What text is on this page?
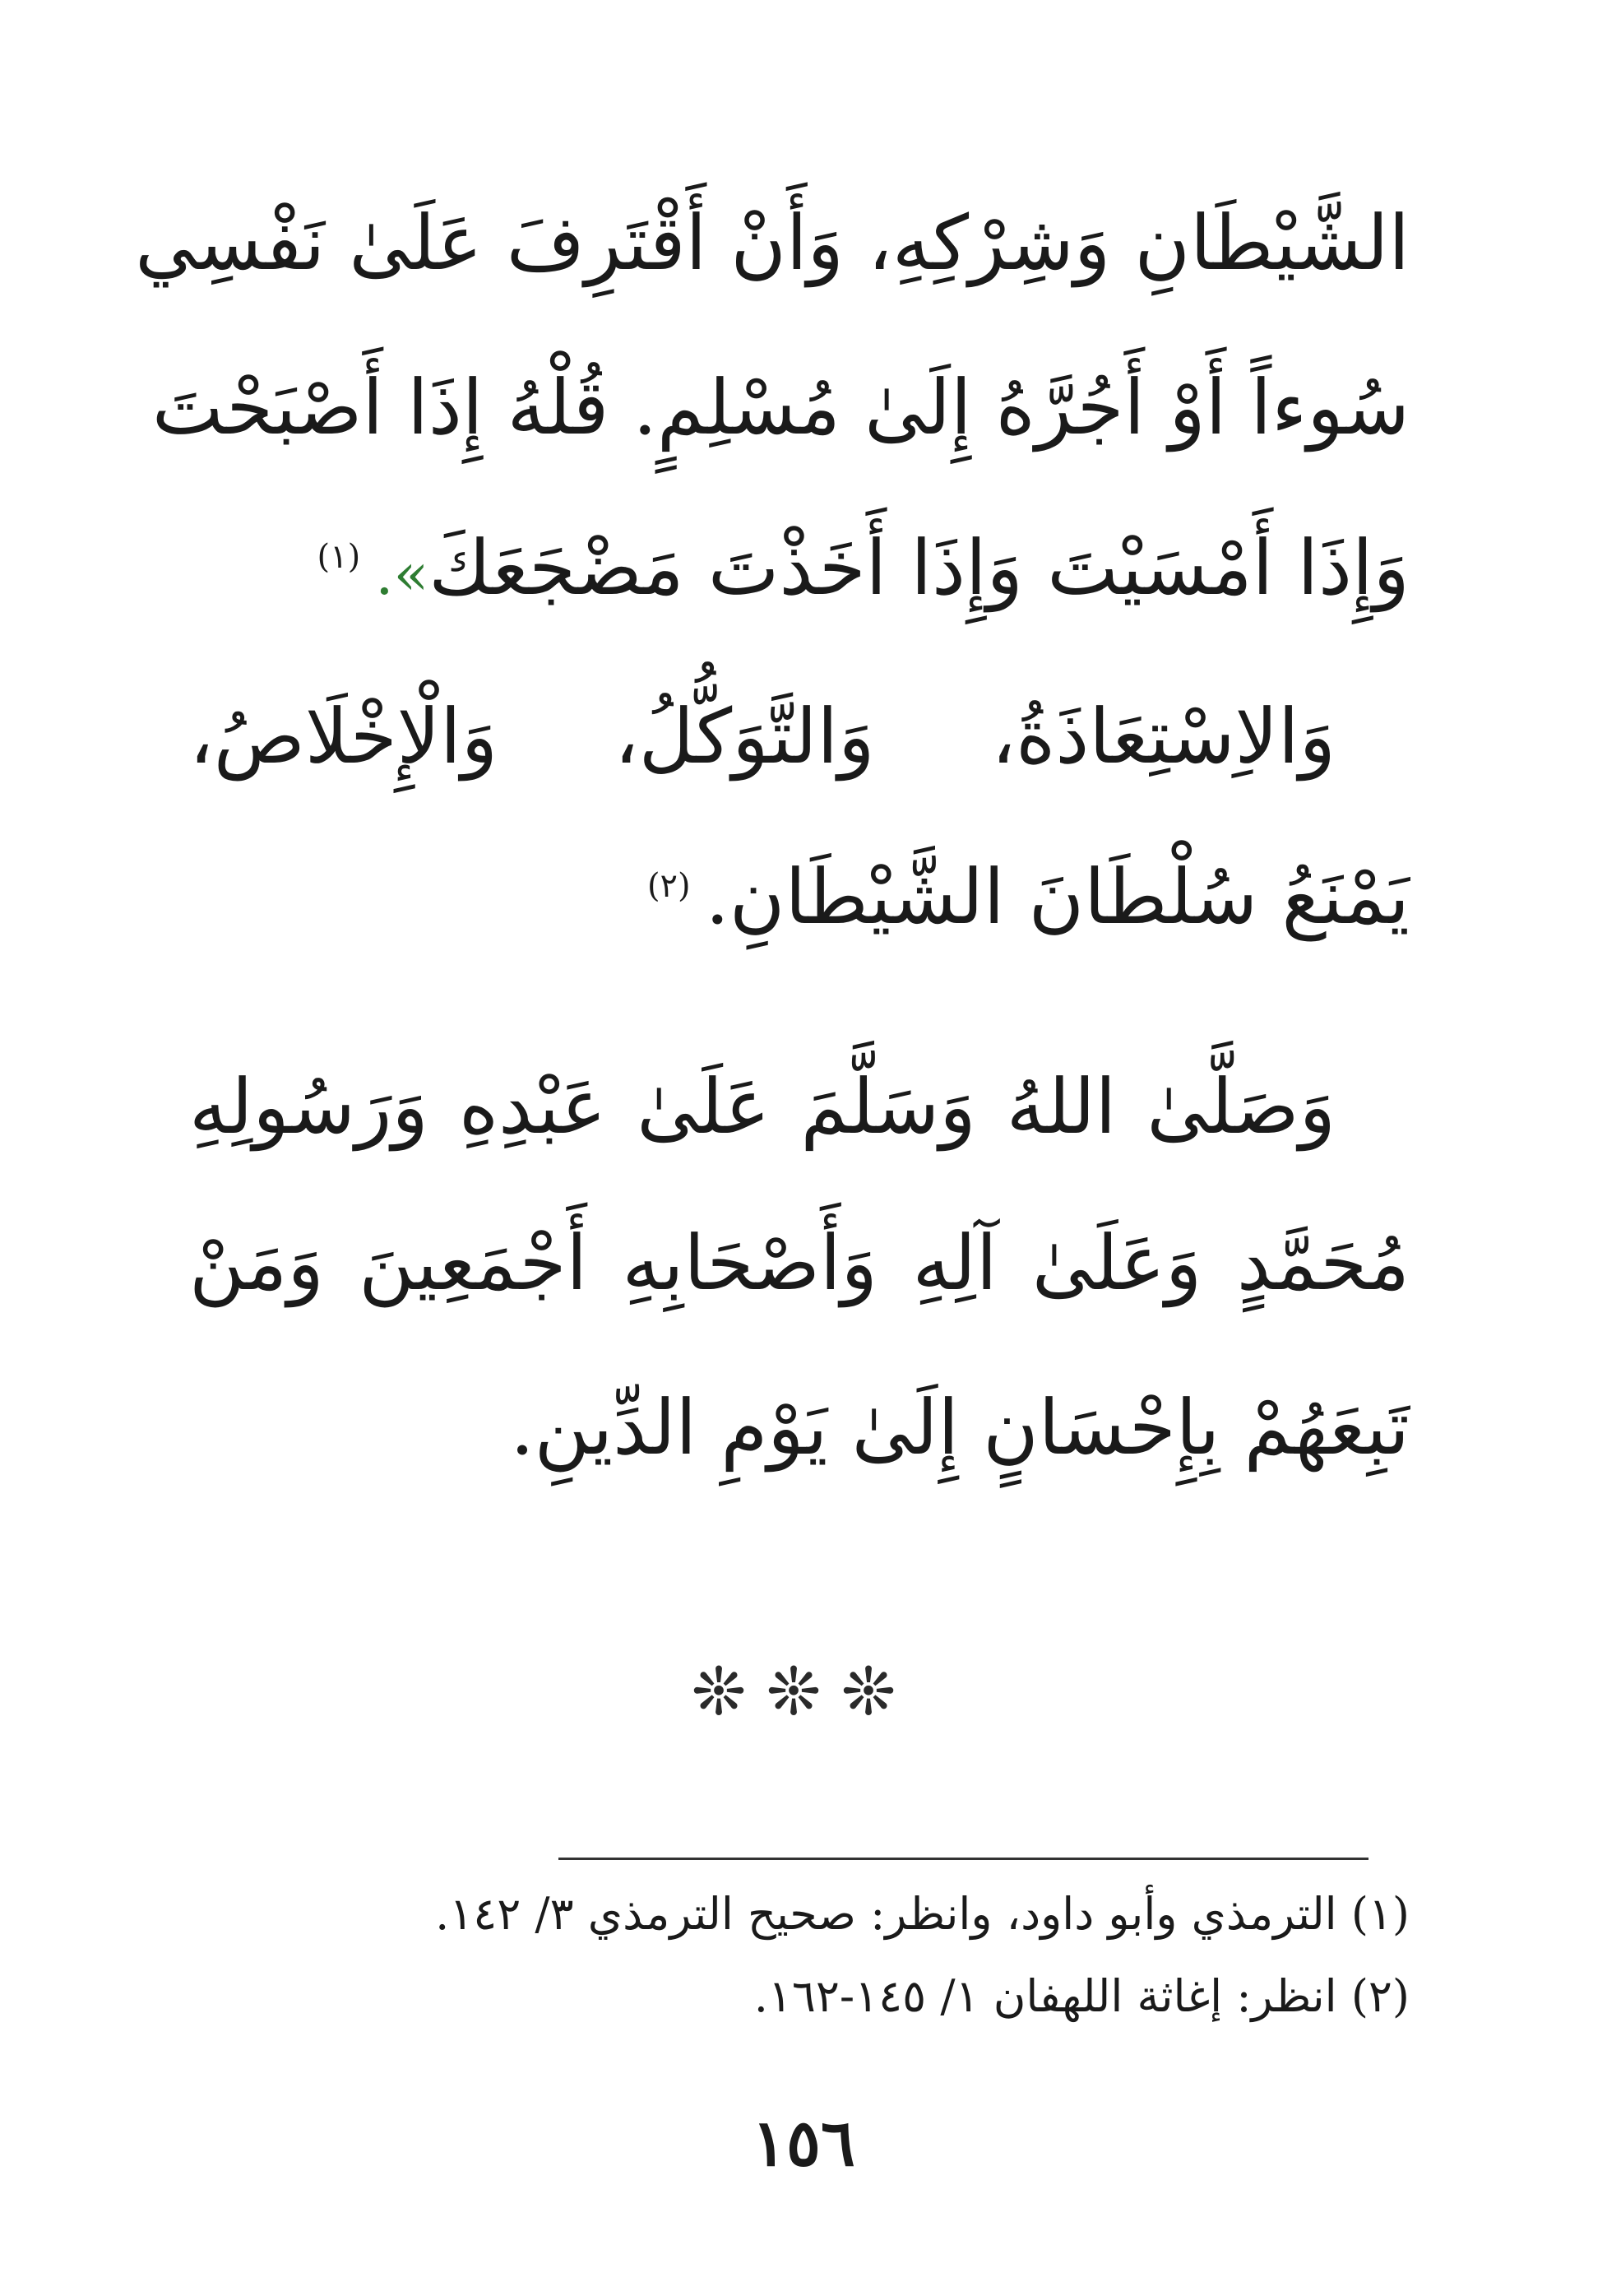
الشَّيْطَانِ وَشِرْكِهِ، وَأَنْ أَقْتَرِفَ عَلَىٰ نَفْسِي
سُوءاً أَوْ أَجُرَّهُ إِلَىٰ مُسْلِمٍ. قُلْهُ إِذَا أَصْبَحْتَ
وَإِذَا أَمْسَيْتَ وَإِذَا أَخَذْتَ مَضْجَعَكَ».$^{(١)}$
وَالاِسْتِعَاذَةُ، وَالتَّوَكُّلُ، وَالْإِخْلَاصُ،
يَمْنَعُ سُلْطَانَ الشَّيْطَانِ.$^{(٢)}$
وَصَلَّىٰ اللهُ وَسَلَّمَ عَلَىٰ عَبْدِهِ وَرَسُولِهِ
مُحَمَّدٍ وَعَلَىٰ آلِهِ وَأَصْحَابِهِ أَجْمَعِينَ وَمَنْ
تَبِعَهُمْ بِإِحْسَانٍ إِلَىٰ يَوْمِ الدِّينِ.
❊❊❊
(١) الترمذي وأبو داود، وانظر: صحيح الترمذي ٣/ ١٤٢.
(٢) انظر: إغاثة اللهفان ١/ ١٤٥-١٦٢.
١٥٦
